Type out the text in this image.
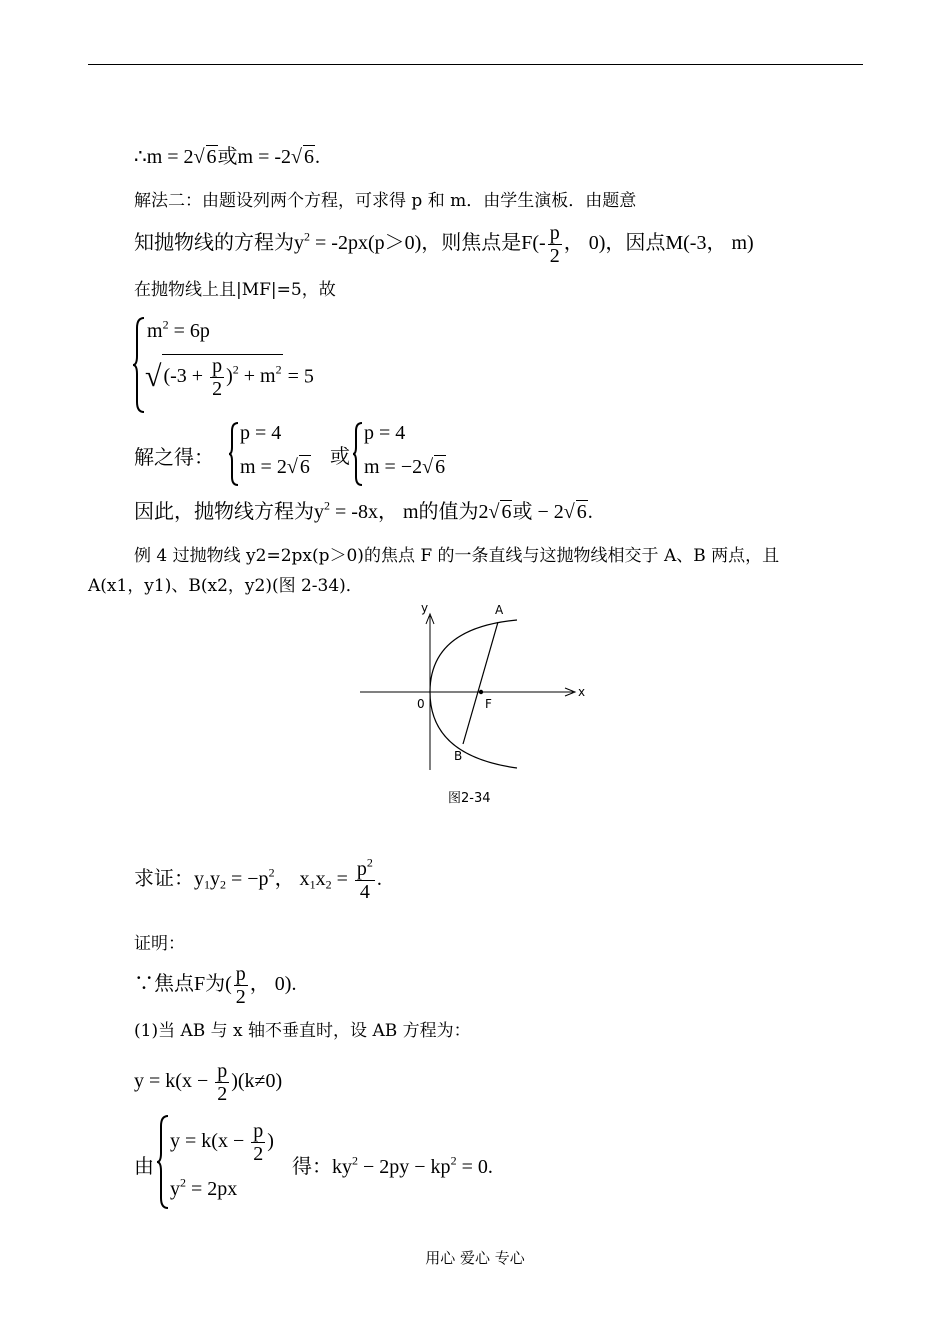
∴m = 2√ 6或m = -2√ 6.
解法二：由题设列两个方程，可求得 p 和 m．由学生演板．由题意
知抛物线的方程为$y^2 = -2px(p>0)$，则焦点是$F(- \frac{p}{2}$ ， 0)，因点M(-3， m)
在抛物线上且|MF|=5，故
$m^2 = 6p$
√ $(-3 + \frac{p}{2} )^2 + m^2 = 5$
解之得：
p = 4
m = 2√ 6 或
p = 4
m = −2√ 6
因此，抛物线方程为$y^2 = -8x$， m的值为2√ 6或 − 2√ 6.
例 4 过抛物线 y2=2px(p＞0)的焦点 F 的一条直线与这抛物线相交于 A、B 两点，且
A(x1，y1)、B(x2，y2)(图 2-34)．
y
x
0	F
A
B
图2-34
求证：$y_1y_2 = -p^2$， $x_1x_2 = \frac{p^2}{4}$ .
证明：
∵焦点F为( $\frac{p}{2}$ ， 0).
(1)当 AB 与 x 轴不垂直时，设 AB 方程为：
$y = k(x - \frac{p}{2} )(k\ne 0)$
由
$y = k(x - \frac{p}{2}$ )
$y^2 = 2px$
得：$ky^2 - 2py - kp^2 = 0$.
用心 爱心 专心
